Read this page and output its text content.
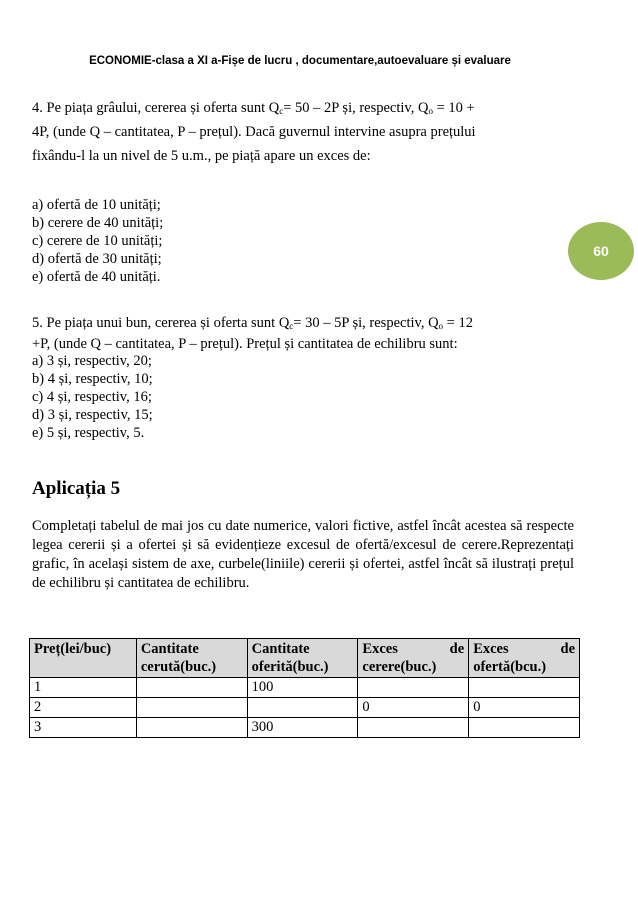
ECONOMIE-clasa a XI a-Fișe de lucru , documentare,autoevaluare și evaluare
60

4. Pe piața grâului, cererea și oferta sunt $Q_c= 50 - 2P$ și, respectiv, $Q_o = 10$ +
4P, (unde Q – cantitatea, P – prețul). Dacă guvernul intervine asupra prețului
fixându-l la un nivel de 5 u.m., pe piață apare un exces de:

a) ofertă de 10 unități;
b) cerere de 40 unități;
c) cerere de 10 unități;
d) ofertă de 30 unități;
e) ofertă de 40 unități.

5. Pe piața unui bun, cererea și oferta sunt $Q_c= 30 - 5P$ și, respectiv, $Q_o = 12$
+P, (unde Q – cantitatea, P – prețul). Prețul și cantitatea de echilibru sunt:

a) 3 și, respectiv, 20;
b) 4 și, respectiv, 10;
c) 4 și, respectiv, 16;
d) 3 și, respectiv, 15;
e) 5 și, respectiv, 5.
Aplicația 5

Completați tabelul de mai jos cu date numerice, valori fictive, astfel încât acestea să respecte legea cererii și a ofertei și să evidențieze excesul de ofertă/excesul de cerere.Reprezentați grafic, în același sistem de axe, curbele(liniile) cererii și ofertei, astfel încât să ilustrați prețul de echilibru și cantitatea de echilibru.

Preț(lei/buc)	Cantitate cerută(buc.)	Cantitate oferită(buc.)	Exces de cerere(buc.)	Exces de ofertă(bcu.)
1		100		
2			0	0
3		300		
